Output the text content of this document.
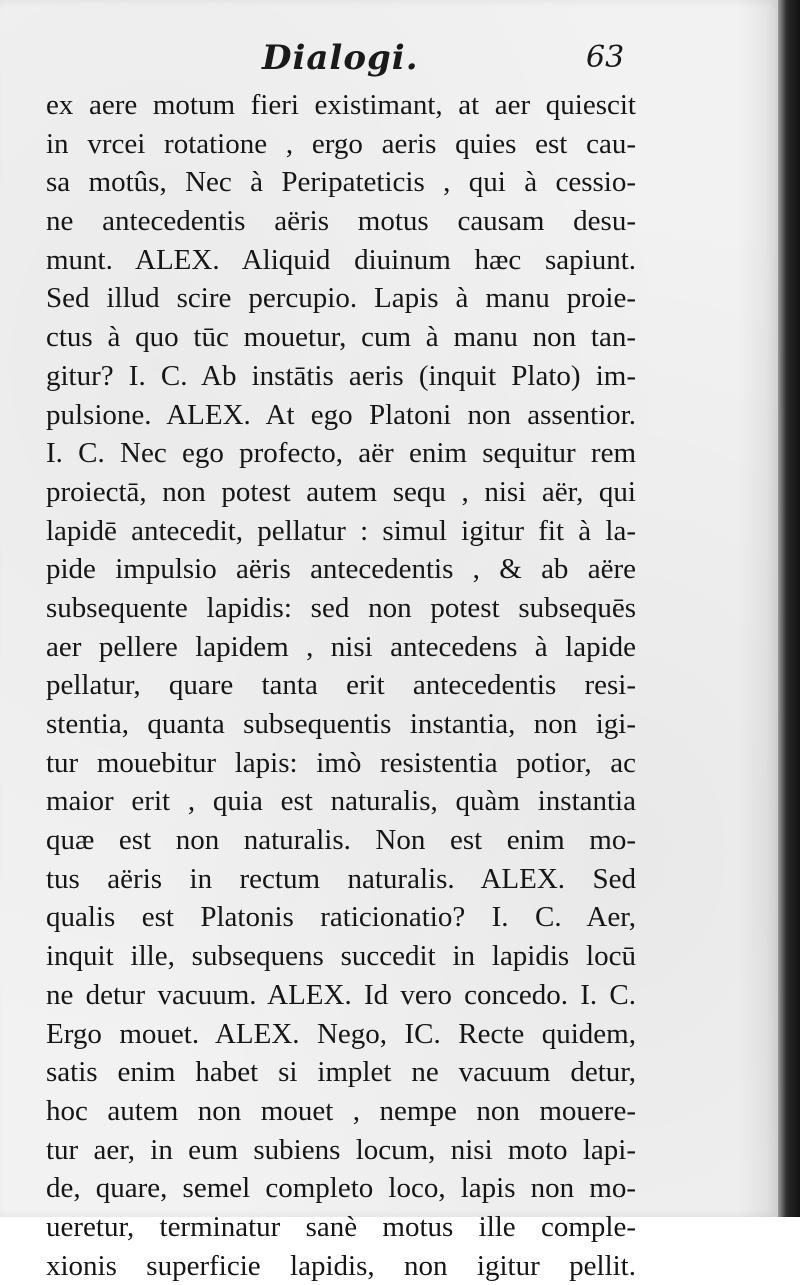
Dialogi.	63
ex aere motum fieri existimant, at aer quiescit
in vrcei rotatione , ergo aeris quies est cau-
sa motûs, Nec à Peripateticis , qui à cessio-
ne antecedentis aëris motus causam desu-
munt. ALEX. Aliquid diuinum hæc sapiunt.
Sed illud scire percupio. Lapis à manu proie-
ctus à quo tūc mouetur, cum à manu non tan-
gitur? I. C. Ab instātis aeris (inquit Plato) im-
pulsione. ALEX. At ego Platoni non assentior.
I. C. Nec ego profecto, aër enim sequitur rem
proiectā, non potest autem sequ , nisi aër, qui
lapidē antecedit, pellatur : simul igitur fit à la-
pide impulsio aëris antecedentis , & ab aëre
subsequente lapidis: sed non potest subsequēs
aer pellere lapidem , nisi antecedens à lapide
pellatur, quare tanta erit antecedentis resi-
stentia, quanta subsequentis instantia, non igi-
tur mouebitur lapis: imò resistentia potior, ac
maior erit , quia est naturalis, quàm instantia
quæ est non naturalis. Non est enim mo-
tus aëris in rectum naturalis. ALEX. Sed
qualis est Platonis raticionatio? I. C. Aer,
inquit ille, subsequens succedit in lapidis locū
ne detur vacuum. ALEX. Id vero concedo. I. C.
Ergo mouet. ALEX. Nego, IC. Recte quidem,
satis enim habet si implet ne vacuum detur,
hoc autem non mouet , nempe non mouere-
tur aer, in eum subiens locum, nisi moto lapi-
de, quare, semel completo loco, lapis non mo-
ueretur, terminatur sanè motus ille comple-
xionis superficie lapidis, non igitur pellit.
